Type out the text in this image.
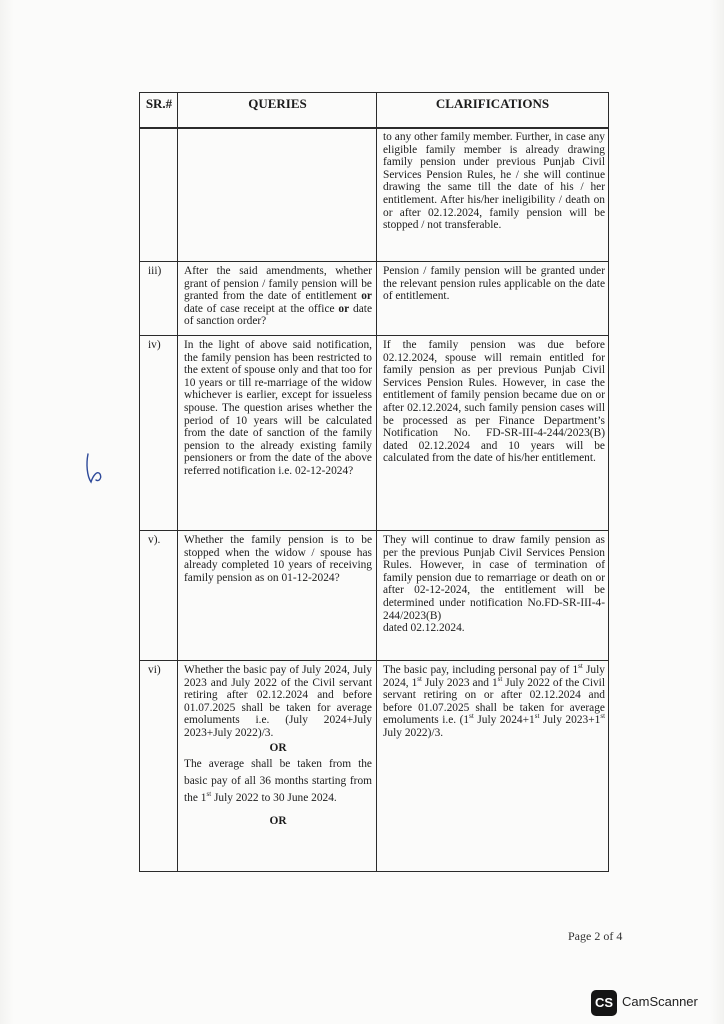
SR.#	QUERIES	CLARIFICATIONS
to any other family member. Further, in case any eligible family member is already drawing family pension under previous Punjab Civil Services Pension Rules, he / she will continue drawing the same till the date of his / her entitlement. After his/her ineligibility / death on or after 02.12.2024, family pension will be stopped / not transferable.
iii) After the said amendments, whether grant of pension / family pension will be granted from the date of entitlement or date of case receipt at the office or date of sanction order?
Pension / family pension will be granted under the relevant pension rules applicable on the date of entitlement.
iv) In the light of above said notification, the family pension has been restricted to the extent of spouse only and that too for 10 years or till re-marriage of the widow whichever is earlier, except for issueless spouse. The question arises whether the period of 10 years will be calculated from the date of sanction of the family pension to the already existing family pensioners or from the date of the above referred notification i.e. 02-12-2024?
If the family pension was due before 02.12.2024, spouse will remain entitled for family pension as per previous Punjab Civil Services Pension Rules. However, in case the entitlement of family pension became due on or after 02.12.2024, such family pension cases will be processed as per Finance Department’s Notification No. FD-SR-III-4-244/2023(B) dated 02.12.2024 and 10 years will be calculated from the date of his/her entitlement.
v). Whether the family pension is to be stopped when the widow / spouse has already completed 10 years of receiving family pension as on 01-12-2024?
They will continue to draw family pension as per the previous Punjab Civil Services Pension Rules. However, in case of termination of family pension due to remarriage or death on or after 02-12-2024, the entitlement will be determined under notification No.FD-SR-III-4-244/2023(B)
dated 02.12.2024.
vi) Whether the basic pay of July 2024, July 2023 and July 2022 of the Civil servant retiring after 02.12.2024 and before 01.07.2025 shall be taken for average emoluments i.e. (July 2024+July 2023+July 2022)/3.
OR
The average shall be taken from the basic pay of all 36 months starting from the 1st July 2022 to 30 June 2024.
OR
The basic pay, including personal pay of 1st July 2024, 1st July 2023 and 1st July 2022 of the Civil servant retiring on or after 02.12.2024 and before 01.07.2025 shall be taken for average emoluments i.e. (1st July 2024+1st July 2023+1st July 2022)/3.
Page 2 of 4
CS CamScanner
